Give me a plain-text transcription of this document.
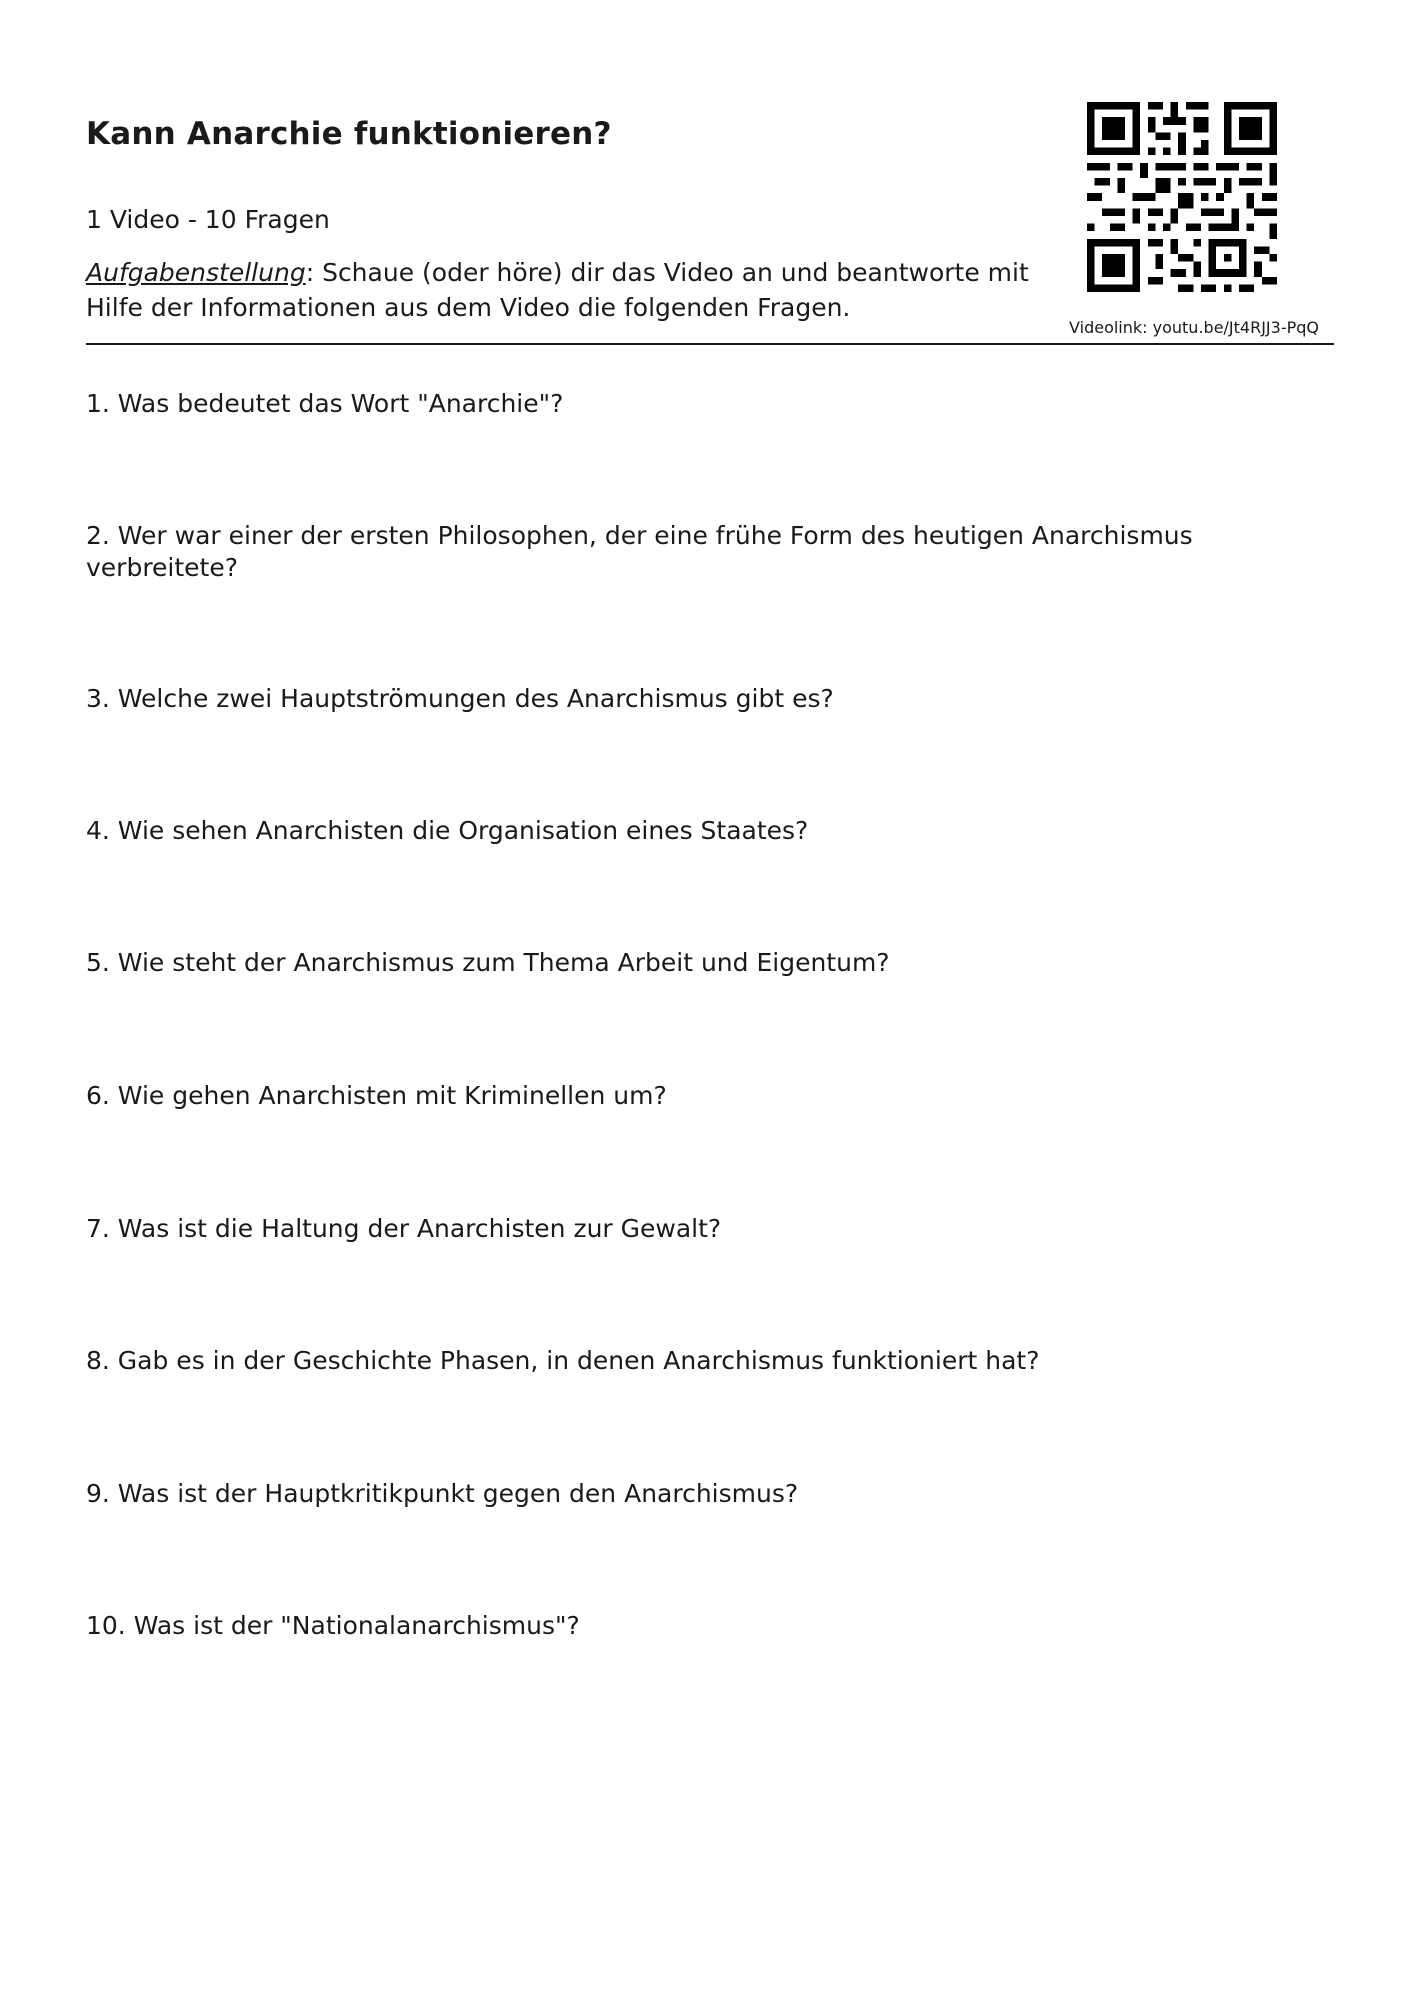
Kann Anarchie funktionieren?
1 Video - 10 Fragen
Aufgabenstellung: Schaue (oder höre) dir das Video an und beantworte mit Hilfe der Informationen aus dem Video die folgenden Fragen.
Videolink: youtu.be/Jt4RJJ3-PqQ
1. Was bedeutet das Wort "Anarchie"?
2. Wer war einer der ersten Philosophen, der eine frühe Form des heutigen Anarchismus verbreitete?
3. Welche zwei Hauptströmungen des Anarchismus gibt es?
4. Wie sehen Anarchisten die Organisation eines Staates?
5. Wie steht der Anarchismus zum Thema Arbeit und Eigentum?
6. Wie gehen Anarchisten mit Kriminellen um?
7. Was ist die Haltung der Anarchisten zur Gewalt?
8. Gab es in der Geschichte Phasen, in denen Anarchismus funktioniert hat?
9. Was ist der Hauptkritikpunkt gegen den Anarchismus?
10. Was ist der "Nationalanarchismus"?
